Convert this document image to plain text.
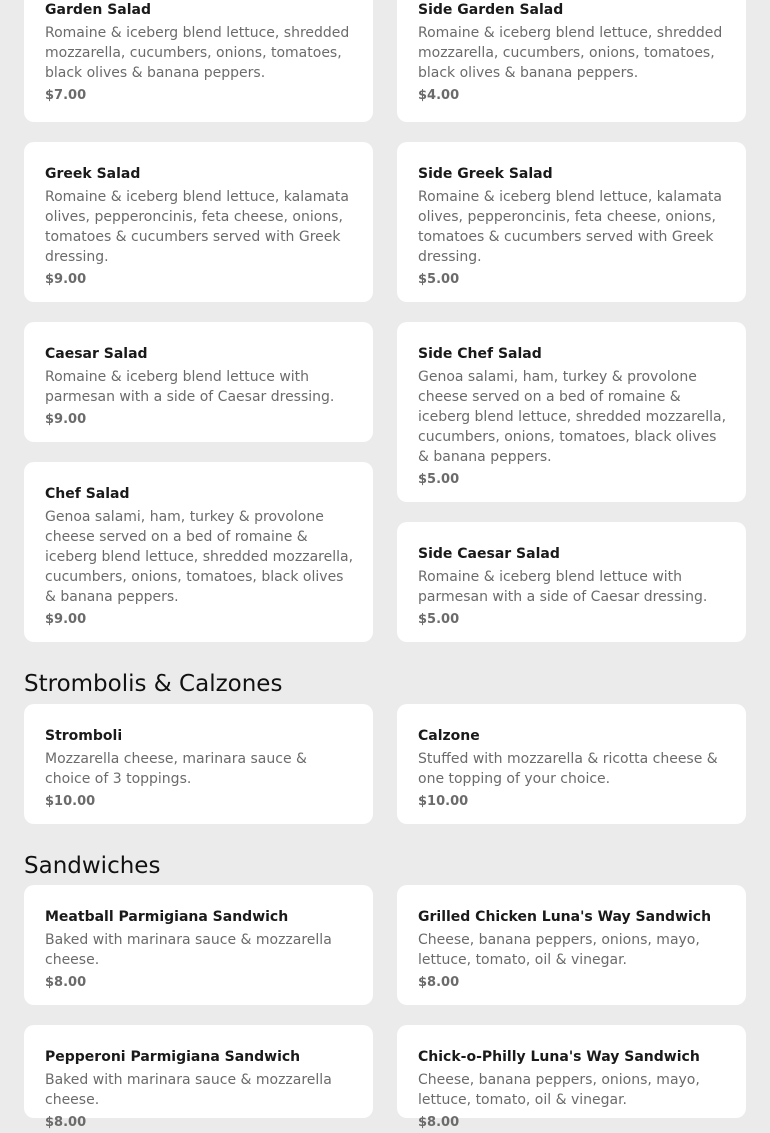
Garden Salad
Romaine & iceberg blend lettuce, shredded mozzarella, cucumbers, onions, tomatoes, black olives & banana peppers.
$7.00
Side Garden Salad
Romaine & iceberg blend lettuce, shredded mozzarella, cucumbers, onions, tomatoes, black olives & banana peppers.
$4.00
Greek Salad
Romaine & iceberg blend lettuce, kalamata olives, pepperoncinis, feta cheese, onions, tomatoes & cucumbers served with Greek dressing.
$9.00
Side Greek Salad
Romaine & iceberg blend lettuce, kalamata olives, pepperoncinis, feta cheese, onions, tomatoes & cucumbers served with Greek dressing.
$5.00
Caesar Salad
Romaine & iceberg blend lettuce with parmesan with a side of Caesar dressing.
$9.00
Side Chef Salad
Genoa salami, ham, turkey & provolone cheese served on a bed of romaine & iceberg blend lettuce, shredded mozzarella, cucumbers, onions, tomatoes, black olives & banana peppers.
$5.00
Chef Salad
Genoa salami, ham, turkey & provolone cheese served on a bed of romaine & iceberg blend lettuce, shredded mozzarella, cucumbers, onions, tomatoes, black olives & banana peppers.
$9.00
Side Caesar Salad
Romaine & iceberg blend lettuce with parmesan with a side of Caesar dressing.
$5.00
Strombolis & Calzones
Stromboli
Mozzarella cheese, marinara sauce & choice of 3 toppings.
$10.00
Calzone
Stuffed with mozzarella & ricotta cheese & one topping of your choice.
$10.00
Sandwiches
Meatball Parmigiana Sandwich
Baked with marinara sauce & mozzarella cheese.
$8.00
Grilled Chicken Luna's Way Sandwich
Cheese, banana peppers, onions, mayo, lettuce, tomato, oil & vinegar.
$8.00
Pepperoni Parmigiana Sandwich
Baked with marinara sauce & mozzarella cheese.
$8.00
Chick-o-Philly Luna's Way Sandwich
Cheese, banana peppers, onions, mayo, lettuce, tomato, oil & vinegar.
$8.00
